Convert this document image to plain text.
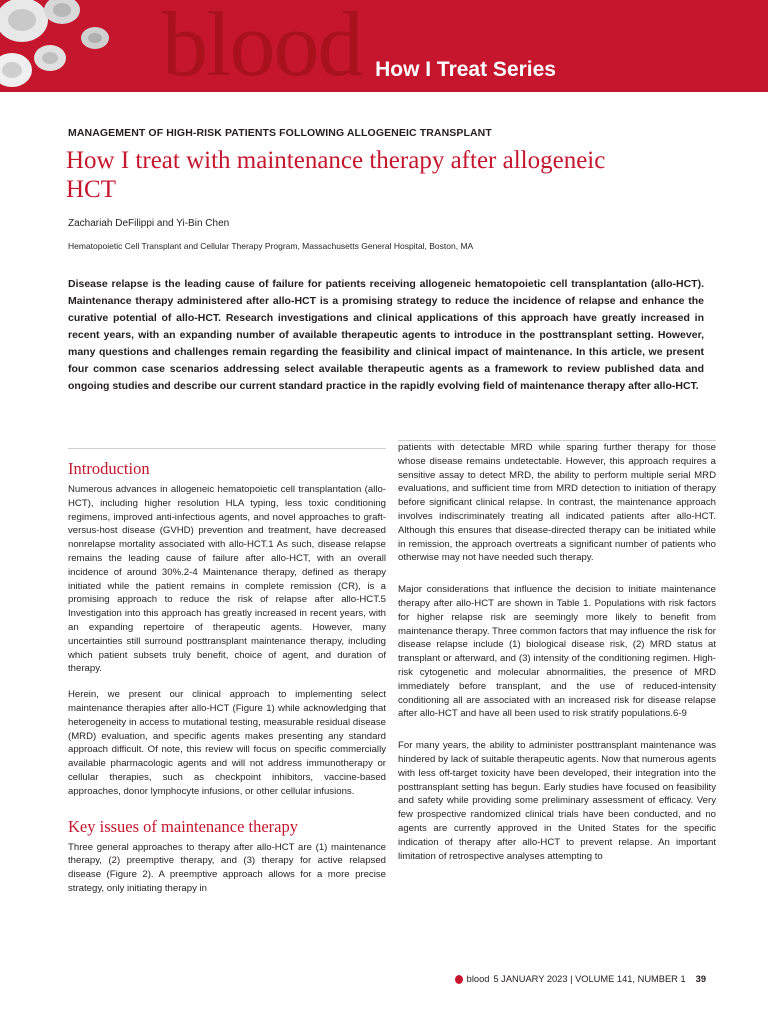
blood How I Treat Series
MANAGEMENT OF HIGH-RISK PATIENTS FOLLOWING ALLOGENEIC TRANSPLANT
How I treat with maintenance therapy after allogeneic HCT
Zachariah DeFilippi and Yi-Bin Chen
Hematopoietic Cell Transplant and Cellular Therapy Program, Massachusetts General Hospital, Boston, MA
Disease relapse is the leading cause of failure for patients receiving allogeneic hematopoietic cell transplantation (allo-HCT). Maintenance therapy administered after allo-HCT is a promising strategy to reduce the incidence of relapse and enhance the curative potential of allo-HCT. Research investigations and clinical applications of this approach have greatly increased in recent years, with an expanding number of available therapeutic agents to introduce in the posttransplant setting. However, many questions and challenges remain regarding the feasibility and clinical impact of maintenance. In this article, we present four common case scenarios addressing select available therapeutic agents as a framework to review published data and ongoing studies and describe our current standard practice in the rapidly evolving field of maintenance therapy after allo-HCT.
Introduction

Numerous advances in allogeneic hematopoietic cell transplantation (allo-HCT), including higher resolution HLA typing, less toxic conditioning regimens, improved anti-infectious agents, and novel approaches to graft-versus-host disease (GVHD) prevention and treatment, have decreased nonrelapse mortality associated with allo-HCT.1 As such, disease relapse remains the leading cause of failure after allo-HCT, with an overall incidence of around 30%.2-4 Maintenance therapy, defined as therapy initiated while the patient remains in complete remission (CR), is a promising approach to reduce the risk of relapse after allo-HCT.5 Investigation into this approach has greatly increased in recent years, with an expanding repertoire of therapeutic agents. However, many uncertainties still surround posttransplant maintenance therapy, including which patient subsets truly benefit, choice of agent, and duration of therapy.

Herein, we present our clinical approach to implementing select maintenance therapies after allo-HCT (Figure 1) while acknowledging that heterogeneity in access to mutational testing, measurable residual disease (MRD) evaluation, and specific agents makes presenting any standard approach difficult. Of note, this review will focus on specific commercially available pharmacologic agents and will not address immunotherapy or cellular therapies, such as checkpoint inhibitors, vaccine-based approaches, donor lymphocyte infusions, or other cellular infusions.

Key issues of maintenance therapy

Three general approaches to therapy after allo-HCT are (1) maintenance therapy, (2) preemptive therapy, and (3) therapy for active relapsed disease (Figure 2). A preemptive approach allows for a more precise strategy, only initiating therapy in

patients with detectable MRD while sparing further therapy for those whose disease remains undetectable. However, this approach requires a sensitive assay to detect MRD, the ability to perform multiple serial MRD evaluations, and sufficient time from MRD detection to initiation of therapy before significant clinical relapse. In contrast, the maintenance approach involves indiscriminately treating all indicated patients after allo-HCT. Although this ensures that disease-directed therapy can be initiated while in remission, the approach overtreats a significant number of patients who otherwise may not have needed such therapy.

Major considerations that influence the decision to initiate maintenance therapy after allo-HCT are shown in Table 1. Populations with risk factors for higher relapse risk are seemingly more likely to benefit from maintenance therapy. Three common factors that may influence the risk for disease relapse include (1) biological disease risk, (2) MRD status at transplant or afterward, and (3) intensity of the conditioning regimen. High-risk cytogenetic and molecular abnormalities, the presence of MRD immediately before transplant, and the use of reduced-intensity conditioning all are associated with an increased risk for disease relapse after allo-HCT and have all been used to risk stratify populations.6-9

For many years, the ability to administer posttransplant maintenance was hindered by lack of suitable therapeutic agents. Now that numerous agents with less off-target toxicity have been developed, their integration into the posttransplant setting has begun. Early studies have focused on feasibility and safety while providing some preliminary assessment of efficacy. Very few prospective randomized clinical trials have been conducted, and no agents are currently approved in the United States for the specific indication of therapy after allo-HCT to prevent relapse. An important limitation of retrospective analyses attempting to

blood 5 JANUARY 2023 | VOLUME 141, NUMBER 1 39
